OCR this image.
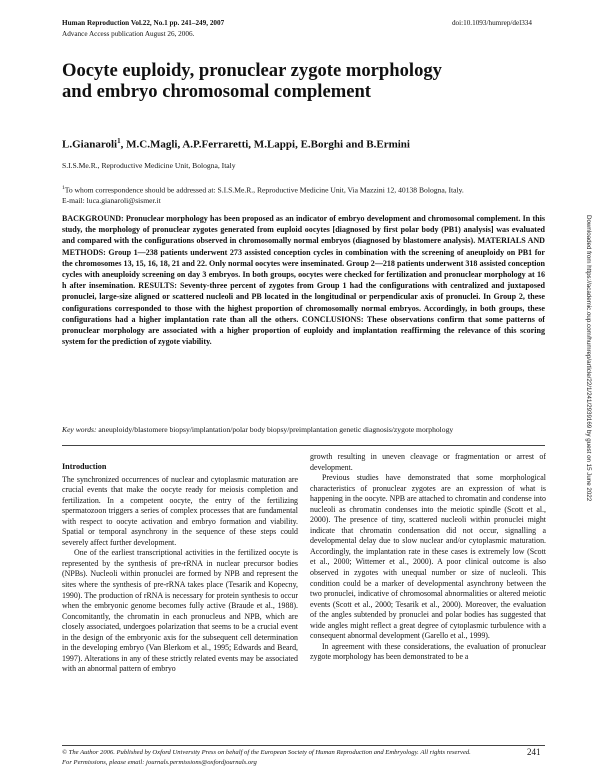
Human Reproduction Vol.22, No.1 pp. 241–249, 2007
Advance Access publication August 26, 2006.
doi:10.1093/humrep/del334
Oocyte euploidy, pronuclear zygote morphology
and embryo chromosomal complement
L.Gianaroli$^1$, M.C.Magli, A.P.Ferraretti, M.Lappi, E.Borghi and B.Ermini
S.I.S.Me.R., Reproductive Medicine Unit, Bologna, Italy
$^1$To whom correspondence should be addressed at: S.I.S.Me.R., Reproductive Medicine Unit, Via Mazzini 12, 40138 Bologna, Italy.
E-mail: luca.gianaroli@sismer.it
BACKGROUND: Pronuclear morphology has been proposed as an indicator of embryo development and chromosomal complement. In this study, the morphology of pronuclear zygotes generated from euploid oocytes [diagnosed by first polar body (PB1) analysis] was evaluated and compared with the configurations observed in chromosomally normal embryos (diagnosed by blastomere analysis). MATERIALS AND METHODS: Group 1—238 patients underwent 273 assisted conception cycles in combination with the screening of aneuploidy on PB1 for the chromosomes 13, 15, 16, 18, 21 and 22. Only normal oocytes were inseminated. Group 2—218 patients underwent 318 assisted conception cycles with aneuploidy screening on day 3 embryos. In both groups, oocytes were checked for fertilization and pronuclear morphology at 16 h after insemination. RESULTS: Seventy-three percent of zygotes from Group 1 had the configurations with centralized and juxtaposed pronuclei, large-size aligned or scattered nucleoli and PB located in the longitudinal or perpendicular axis of pronuclei. In Group 2, these configurations corresponded to those with the highest proportion of chromosomally normal embryos. Accordingly, in both groups, these configurations had a higher implantation rate than all the others. CONCLUSIONS: These observations confirm that some patterns of pronuclear morphology are associated with a higher proportion of euploidy and implantation reaffirming the relevance of this scoring system for the prediction of zygote viability.
Key words: aneuploidy/blastomere biopsy/implantation/polar body biopsy/preimplantation genetic diagnosis/zygote morphology
Introduction

The synchronized occurrences of nuclear and cytoplasmic maturation are crucial events that make the oocyte ready for meiosis completion and fertilization. In a competent oocyte, the entry of the fertilizing spermatozoon triggers a series of complex processes that are fundamental with respect to oocyte activation and embryo formation and viability. Spatial or temporal asynchrony in the sequence of these steps could severely affect further development.

One of the earliest transcriptional activities in the fertilized oocyte is represented by the synthesis of pre-rRNA in nuclear precursor bodies (NPBs). Nucleoli within pronuclei are formed by NPB and represent the sites where the synthesis of pre-rRNA takes place (Tesarik and Kopecny, 1990). The production of rRNA is necessary for protein synthesis to occur when the embryonic genome becomes fully active (Braude et al., 1988). Concomitantly, the chromatin in each pronucleus and NPB, which are closely associated, undergoes polarization that seems to be a crucial event in the design of the embryonic axis for the subsequent cell determination in the developing embryo (Van Blerkom et al., 1995; Edwards and Beard, 1997). Alterations in any of these strictly related events may be associated with an abnormal pattern of embryo

growth resulting in uneven cleavage or fragmentation or arrest of development.

Previous studies have demonstrated that some morphological characteristics of pronuclear zygotes are an expression of what is happening in the oocyte. NPB are attached to chromatin and condense into nucleoli as chromatin condenses into the meiotic spindle (Scott et al., 2000). The presence of tiny, scattered nucleoli within pronuclei might indicate that chromatin condensation did not occur, signalling a developmental delay due to slow nuclear and/or cytoplasmic maturation. Accordingly, the implantation rate in these cases is extremely low (Scott et al., 2000; Wittemer et al., 2000). A poor clinical outcome is also observed in zygotes with unequal number or size of nucleoli. This condition could be a marker of developmental asynchrony between the two pronuclei, indicative of chromosomal abnormalities or altered meiotic events (Scott et al., 2000; Tesarik et al., 2000). Moreover, the evaluation of the angles subtended by pronuclei and polar bodies has suggested that wide angles might reflect a great degree of cytoplasmic turbulence with a consequent abnormal development (Garello et al., 1999).

In agreement with these considerations, the evaluation of pronuclear zygote morphology has been demonstrated to be a

© The Author 2006. Published by Oxford University Press on behalf of the European Society of Human Reproduction and Embryology. All rights reserved.
For Permissions, please email: journals.permissions@oxfordjournals.org
241
Downloaded from https://academic.oup.com/humrep/article/22/1/241/2939169 by guest on 15 June 2022
